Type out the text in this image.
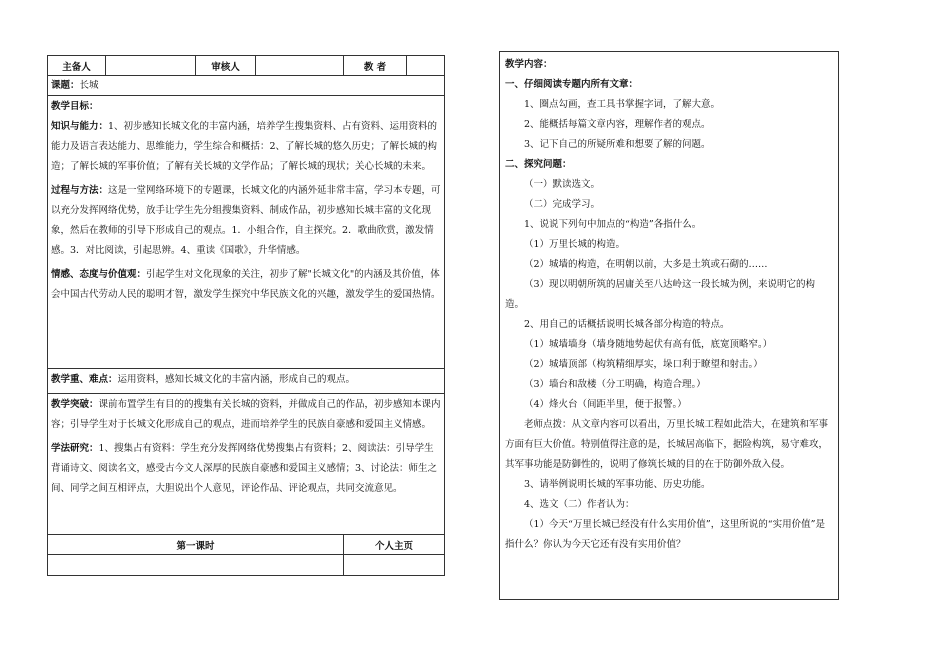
主备人		审核人		教 者	

课题：长城					

教学目标：
知识与能力：1、初步感知长城文化的丰富内涵，培养学生搜集资料、占有资料、运用资料的能力及语言表达能力、思维能力，学生综合和概括：2、了解长城的悠久历史；了解长城的构造；了解长城的军事价值；了解有关长城的文学作品；了解长城的现状；关心长城的未来。
过程与方法：这是一堂网络环境下的专题课，长城文化的内涵外延非常丰富，学习本专题，可以充分发挥网络优势，放手让学生先分组搜集资料、制成作品，初步感知长城丰富的文化现象，然后在教师的引导下形成自己的观点。1．小组合作，自主探究。2．歌曲欣赏，激发情感。3．对比阅读，引起思辨。4、重读《国歌》，升华情感。
情感、态度与价值观：引起学生对文化现象的关注，初步了解"长城文化"的内涵及其价值，体会中国古代劳动人民的聪明才智，激发学生探究中华民族文化的兴趣，激发学生的爱国热情。					

教学重、难点：运用资料，感知长城文化的丰富内涵，形成自己的观点。					

教学突破：课前布置学生有目的的搜集有关长城的资料，并做成自己的作品，初步感知本课内容；引导学生对于长城文化形成自己的观点，进而培养学生的民族自豪感和爱国主义情感。
学法研究：1、搜集占有资料：学生充分发挥网络优势搜集占有资料；2、阅读法：引导学生背诵诗文、阅读名文，感受古今文人深厚的民族自豪感和爱国主义感情；3、讨论法：师生之间、同学之间互相评点，大胆说出个人意见，评论作品、评论观点，共同交流意见。					

第一课时				个人主页	

教学内容：
一、仔细阅读专题内所有文章：
1、圈点勾画，查工具书掌握字词，了解大意。
2、能概括每篇文章内容，理解作者的观点。
3、记下自己的所疑所难和想要了解的问题。
二、探究问题：
（一）默读选文。
（二）完成学习。
1、说说下列句中加点的“构造”各指什么。
（1）万里长城的构造。
（2）城墙的构造，在明朝以前，大多是土筑或石砌的……
（3）现以明朝所筑的居庸关至八达岭这一段长城为例，来说明它的构造。
2、用自己的话概括说明长城各部分构造的特点。
（1）城墙墙身（墙身随地势起伏有高有低，底宽顶略窄。）
（2）城墙顶部（构筑精细厚实，垛口利于瞭望和射击。）
（3）墙台和敌楼（分工明确，构造合理。）
（4）烽火台（间距半里，便于报警。）
老师点拨：从文章内容可以看出，万里长城工程如此浩大，在建筑和军事方面有巨大价值。特别值得注意的是，长城居高临下，据险构筑，易守难攻，其军事功能是防御性的，说明了修筑长城的目的在于防御外敌入侵。
3、请举例说明长城的军事功能、历史功能。
4、选文（二）作者认为：
（1）今天“万里长城已经没有什么实用价值”，这里所说的“实用价值”是指什么？你认为今天它还有没有实用价值？
